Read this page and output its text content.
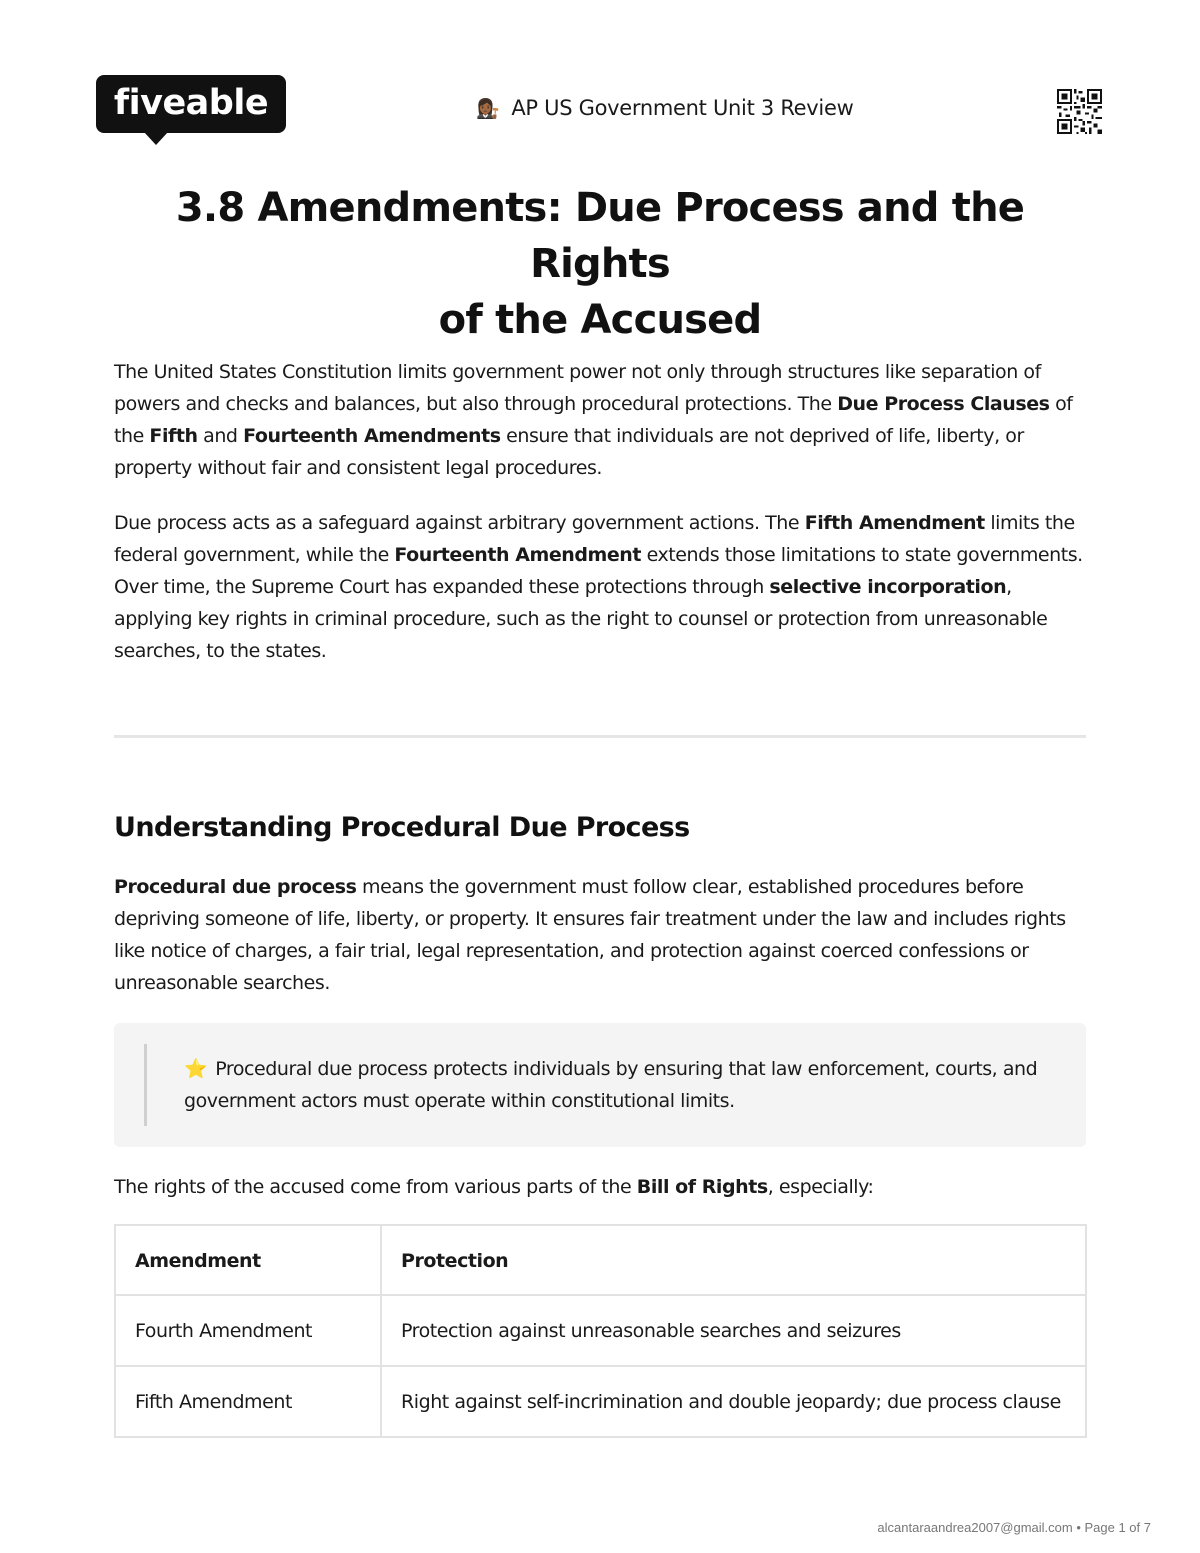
fiveable	👩🏾‍⚖️ AP US Government Unit 3 Review
3.8 Amendments: Due Process and the Rights
of the Accused

The United States Constitution limits government power not only through structures like separation of powers and checks and balances, but also through procedural protections. The Due Process Clauses of the Fifth and Fourteenth Amendments ensure that individuals are not deprived of life, liberty, or property without fair and consistent legal procedures.

Due process acts as a safeguard against arbitrary government actions. The Fifth Amendment limits the federal government, while the Fourteenth Amendment extends those limitations to state governments. Over time, the Supreme Court has expanded these protections through selective incorporation, applying key rights in criminal procedure, such as the right to counsel or protection from unreasonable searches, to the states.

Understanding Procedural Due Process

Procedural due process means the government must follow clear, established procedures before depriving someone of life, liberty, or property. It ensures fair treatment under the law and includes rights like notice of charges, a fair trial, legal representation, and protection against coerced confessions or unreasonable searches.

⭐ Procedural due process protects individuals by ensuring that law enforcement, courts, and government actors must operate within constitutional limits.

The rights of the accused come from various parts of the Bill of Rights, especially:

Amendment	Protection
Fourth Amendment	Protection against unreasonable searches and seizures
Fifth Amendment	Right against self-incrimination and double jeopardy; due process clause
alcantaraandrea2007@gmail.com • Page 1 of 7
